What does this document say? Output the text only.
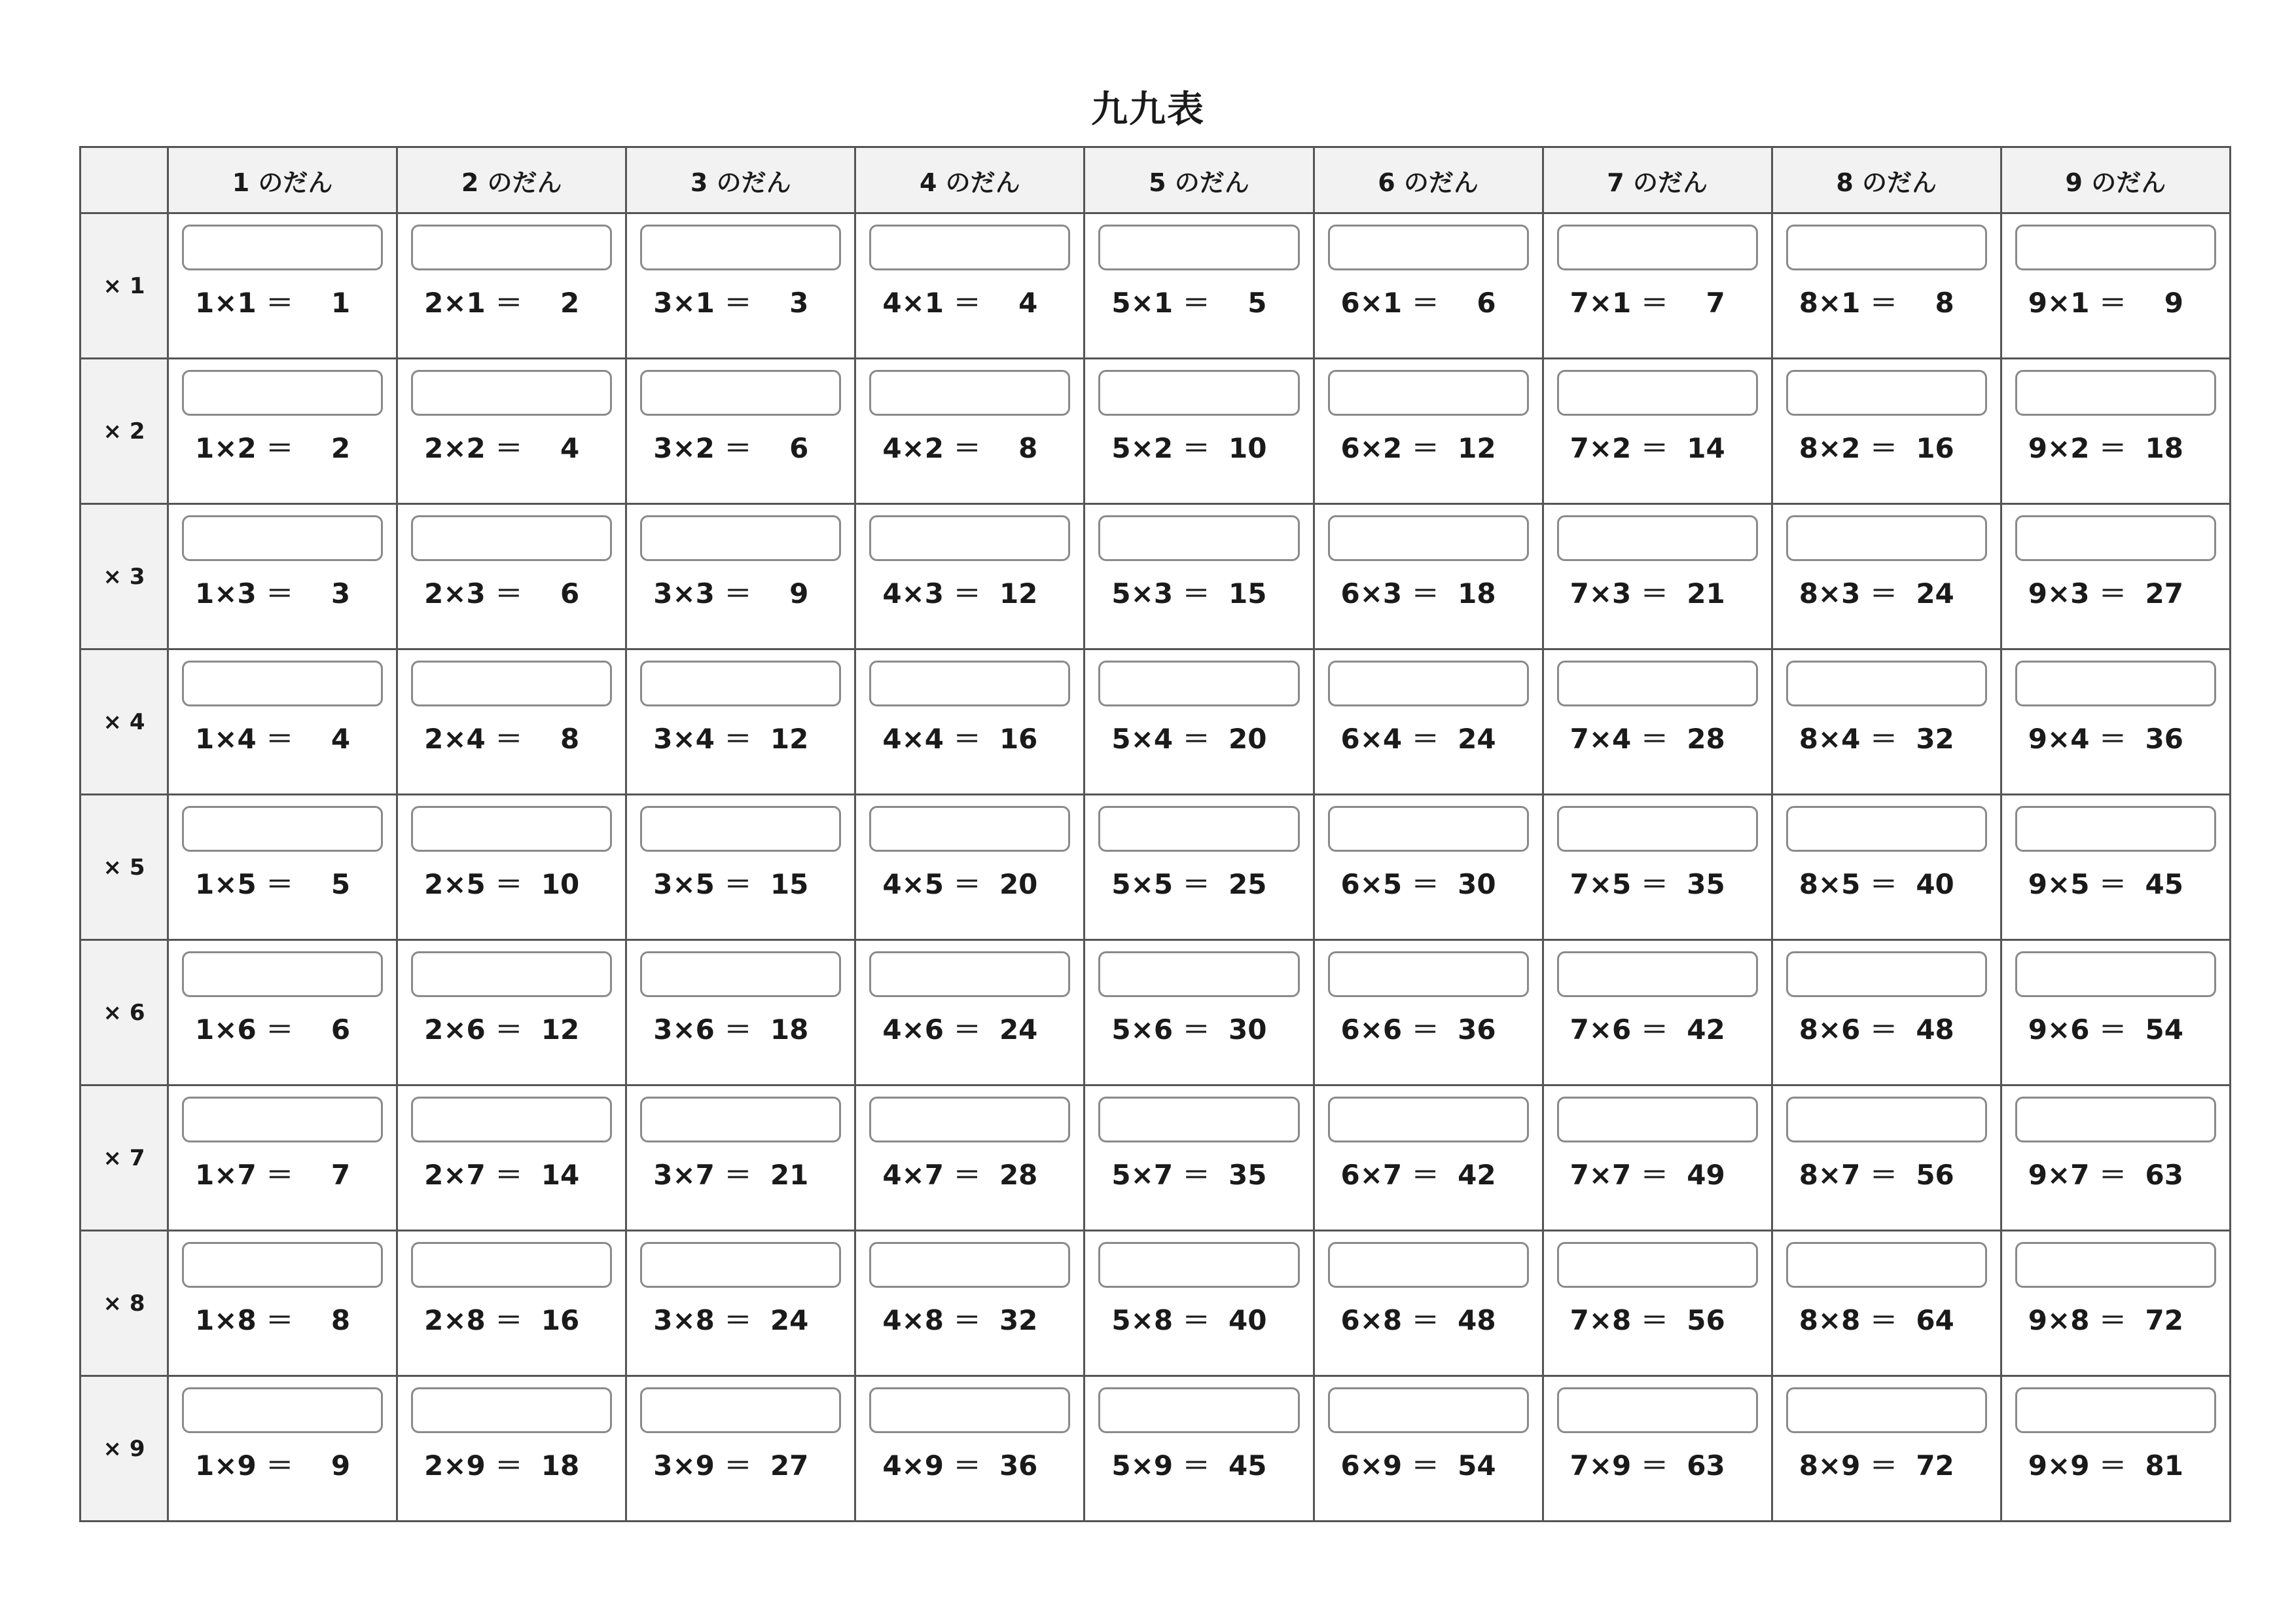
九九表
	1 のだん	2 のだん	3 のだん	4 のだん	5 のだん	6 のだん	7 のだん	8 のだん	9 のだん
× 1	1×1 ＝ 1	2×1 ＝ 2	3×1 ＝ 3	4×1 ＝ 4	5×1 ＝ 5	6×1 ＝ 6	7×1 ＝ 7	8×1 ＝ 8	9×1 ＝ 9

× 2	1×2 ＝ 2	2×2 ＝ 4	3×2 ＝ 6	4×2 ＝ 8	5×2 ＝ 10	6×2 ＝ 12	7×2 ＝ 14	8×2 ＝ 16	9×2 ＝ 18

× 3	1×3 ＝ 3	2×3 ＝ 6	3×3 ＝ 9	4×3 ＝ 12	5×3 ＝ 15	6×3 ＝ 18	7×3 ＝ 21	8×3 ＝ 24	9×3 ＝ 27

× 4	1×4 ＝ 4	2×4 ＝ 8	3×4 ＝ 12	4×4 ＝ 16	5×4 ＝ 20	6×4 ＝ 24	7×4 ＝ 28	8×4 ＝ 32	9×4 ＝ 36

× 5	1×5 ＝ 5	2×5 ＝ 10	3×5 ＝ 15	4×5 ＝ 20	5×5 ＝ 25	6×5 ＝ 30	7×5 ＝ 35	8×5 ＝ 40	9×5 ＝ 45

× 6	1×6 ＝ 6	2×6 ＝ 12	3×6 ＝ 18	4×6 ＝ 24	5×6 ＝ 30	6×6 ＝ 36	7×6 ＝ 42	8×6 ＝ 48	9×6 ＝ 54

× 7	1×7 ＝ 7	2×7 ＝ 14	3×7 ＝ 21	4×7 ＝ 28	5×7 ＝ 35	6×7 ＝ 42	7×7 ＝ 49	8×7 ＝ 56	9×7 ＝ 63

× 8	1×8 ＝ 8	2×8 ＝ 16	3×8 ＝ 24	4×8 ＝ 32	5×8 ＝ 40	6×8 ＝ 48	7×8 ＝ 56	8×8 ＝ 64	9×8 ＝ 72

× 9	1×9 ＝ 9	2×9 ＝ 18	3×9 ＝ 27	4×9 ＝ 36	5×9 ＝ 45	6×9 ＝ 54	7×9 ＝ 63	8×9 ＝ 72	9×9 ＝ 81
